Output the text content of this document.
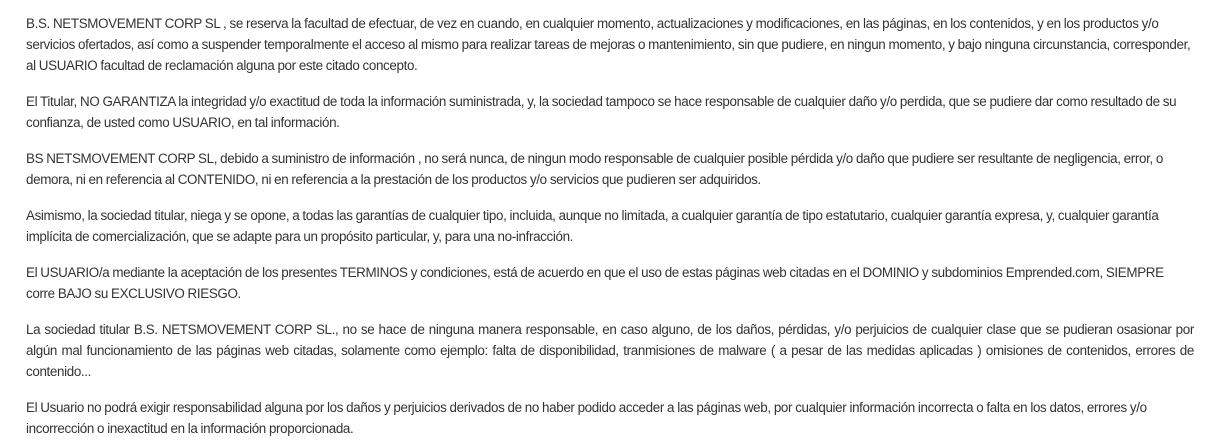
B.S. NETSMOVEMENT CORP SL , se reserva la facultad de efectuar, de vez en cuando, en cualquier momento, actualizaciones y modificaciones, en las páginas, en los contenidos, y en los productos y/o servicios ofertados, así como a suspender temporalmente el acceso al mismo para realizar tareas de mejoras o mantenimiento, sin que pudiere, en ningun momento, y bajo ninguna circunstancia, corresponder, al USUARIO facultad de reclamación alguna por este citado concepto.

El Titular, NO GARANTIZA la integridad y/o exactitud de toda la información suministrada, y, la sociedad tampoco se hace responsable de cualquier daño y/o perdida, que se pudiere dar como resultado de su confianza, de usted como USUARIO, en tal información.

BS NETSMOVEMENT CORP SL, debido a suministro de información , no será nunca, de ningun modo responsable de cualquier posible pérdida y/o daño que pudiere ser resultante de negligencia, error, o demora, ni en referencia al CONTENIDO, ni en referencia a la prestación de los productos y/o servicios que pudieren ser adquiridos.

Asimismo, la sociedad titular, niega y se opone, a todas las garantías de cualquier tipo, incluida, aunque no limitada, a cualquier garantía de tipo estatutario, cualquier garantía expresa, y, cualquier garantía implícita de comercialización, que se adapte para un propósito particular, y, para una no-infracción.

El USUARIO/a mediante la aceptación de los presentes TERMINOS y condiciones, está de acuerdo en que el uso de estas páginas web citadas en el DOMINIO y subdominios Emprended.com, SIEMPRE corre BAJO su EXCLUSIVO RIESGO.

La sociedad titular B.S. NETSMOVEMENT CORP SL., no se hace de ninguna manera responsable, en caso alguno, de los daños, pérdidas, y/o perjuicios de cualquier clase que se pudieran osasionar por algún mal funcionamiento de las páginas web citadas, solamente como ejemplo: falta de disponibilidad, tranmisiones de malware ( a pesar de las medidas aplicadas ) omisiones de contenidos, errores de contenido...

El Usuario no podrá exigir responsabilidad alguna por los daños y perjuicios derivados de no haber podido acceder a las páginas web, por cualquier información incorrecta o falta en los datos, errores y/o incorrección o inexactitud en la información proporcionada.
